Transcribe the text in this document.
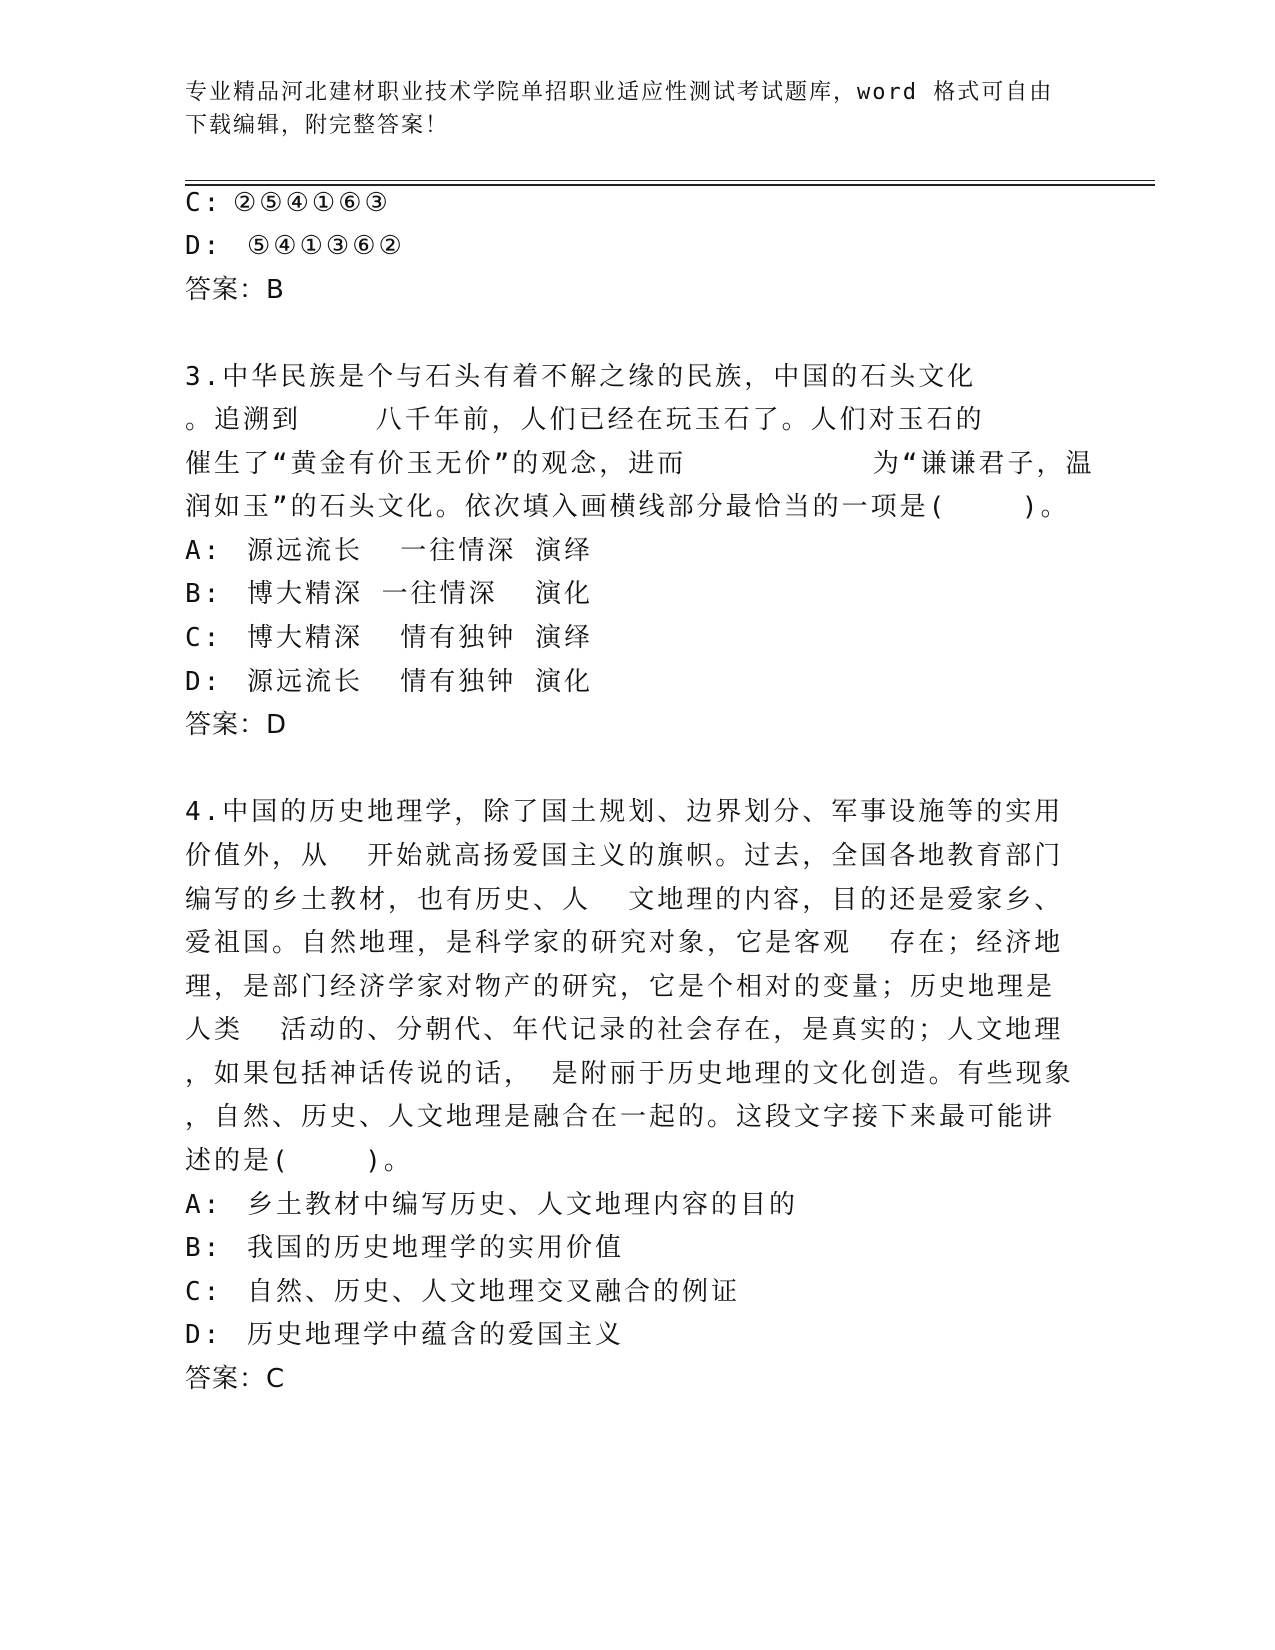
专业精品河北建材职业技术学院单招职业适应性测试考试题库，word 格式可自由
下载编辑，附完整答案！
C: ②⑤④①⑥③
D: ⑤④①③⑥②
答案：B
3.中华民族是个与石头有着不解之缘的民族，中国的石头文化
。追溯到    八千年前，人们已经在玩玉石了。人们对玉石的
催生了“黄金有价玉无价”的观念，进而          为“谦谦君子，温
润如玉”的石头文化。依次填入画横线部分最恰当的一项是(    )。
A: 源远流长  一往情深 演绎
B: 博大精深 一往情深  演化
C: 博大精深  情有独钟 演绎
D: 源远流长  情有独钟 演化
答案：D
4.中国的历史地理学，除了国土规划、边界划分、军事设施等的实用
价值外，从  开始就高扬爱国主义的旗帜。过去，全国各地教育部门
编写的乡土教材，也有历史、人  文地理的内容，目的还是爱家乡、
爱祖国。自然地理，是科学家的研究对象，它是客观  存在；经济地
理，是部门经济学家对物产的研究，它是个相对的变量；历史地理是
人类  活动的、分朝代、年代记录的社会存在，是真实的；人文地理
，如果包括神话传说的话， 是附丽于历史地理的文化创造。有些现象
，自然、历史、人文地理是融合在一起的。这段文字接下来最可能讲
述的是(    )。
A: 乡土教材中编写历史、人文地理内容的目的
B: 我国的历史地理学的实用价值
C: 自然、历史、人文地理交叉融合的例证
D: 历史地理学中蕴含的爱国主义
答案：C
